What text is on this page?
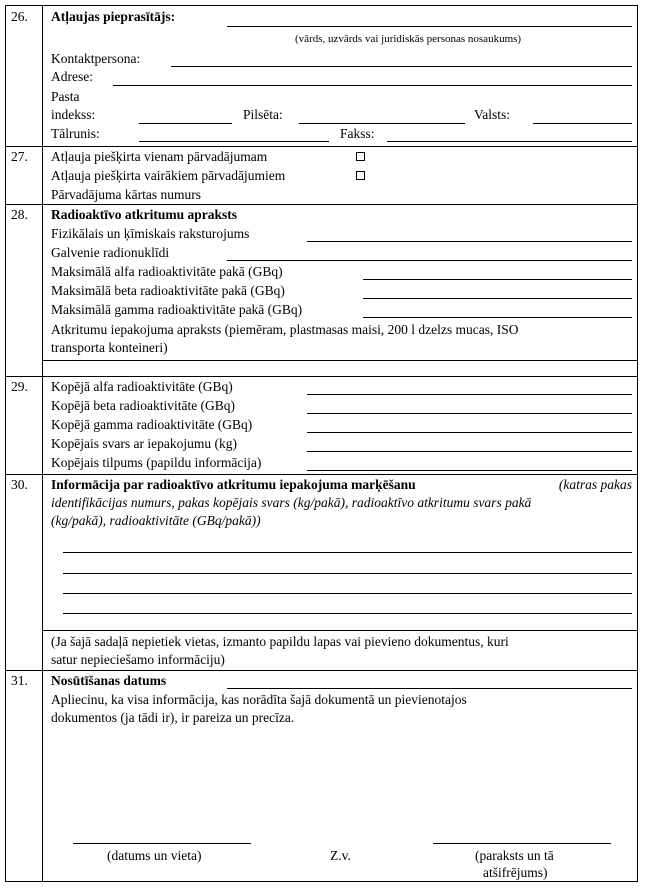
26. Atļaujas pieprasītājs:
(vārds, uzvārds vai juridiskās personas nosaukums)
Kontaktpersona:
Adrese:
Pasta
indekss:	Pilsēta:	Valsts:
Tālrunis:	Fakss:
27. Atļauja piešķirta vienam pārvadājumam
Atļauja piešķirta vairākiem pārvadājumiem
Pārvadājuma kārtas numurs
28. Radioaktīvo atkritumu apraksts
Fizikālais un ķīmiskais raksturojums
Galvenie radionuklīdi
Maksimālā alfa radioaktivitāte pakā (GBq)
Maksimālā beta radioaktivitāte pakā (GBq)
Maksimālā gamma radioaktivitāte pakā (GBq)
Atkritumu iepakojuma apraksts (piemēram, plastmasas maisi, 200 l dzelzs mucas, ISO
transporta konteineri)
29. Kopējā alfa radioaktivitāte (GBq)
Kopējā beta radioaktivitāte (GBq)
Kopējā gamma radioaktivitāte (GBq)
Kopējais svars ar iepakojumu (kg)
Kopējais tilpums (papildu informācija)
30. Informācija par radioaktīvo atkritumu iepakojuma marķēšanu	(katras pakas
identifikācijas numurs, pakas kopējais svars (kg/pakā), radioaktīvo atkritumu svars pakā
(kg/pakā), radioaktivitāte (GBq/pakā))
(Ja šajā sadaļā nepietiek vietas, izmanto papildu lapas vai pievieno dokumentus, kuri
satur nepieciešamo informāciju)
31. Nosūtīšanas datums
Apliecinu, ka visa informācija, kas norādīta šajā dokumentā un pievienotajos
dokumentos (ja tādi ir), ir pareiza un precīza.
(datums un vieta)	Z.v.	(paraksts un tā
atšifrējums)
